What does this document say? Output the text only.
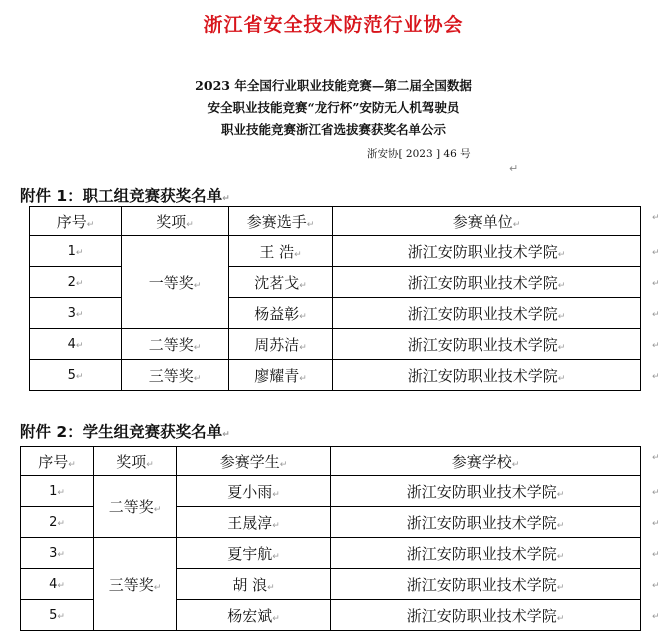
浙江省安全技术防范行业协会
2023 年全国行业职业技能竞赛—第二届全国数据
安全职业技能竞赛“龙行杯”安防无人机驾驶员
职业技能竞赛浙江省选拔赛获奖名单公示
浙安协[ 2023 ] 46 号
↵
附件 1：职工组竞赛获奖名单↵
序号↵	奖项↵	参赛选手↵	参赛单位↵
1↵	一等奖↵	王 浩↵	浙江安防职业技术学院↵
2↵		沈茗戈↵	浙江安防职业技术学院↵
3↵		杨益彰↵	浙江安防职业技术学院↵
4↵	二等奖↵	周苏洁↵	浙江安防职业技术学院↵
5↵	三等奖↵	廖耀青↵	浙江安防职业技术学院↵
↵
↵
↵
↵
↵
↵
附件 2：学生组竞赛获奖名单↵
序号↵	奖项↵	参赛学生↵	参赛学校↵
1↵	二等奖↵	夏小雨↵	浙江安防职业技术学院↵
2↵		王晟淳↵	浙江安防职业技术学院↵
3↵	三等奖↵	夏宇航↵	浙江安防职业技术学院↵
4↵		胡 浪↵	浙江安防职业技术学院↵
5↵		杨宏斌↵	浙江安防职业技术学院↵
↵
↵
↵
↵
↵
↵
